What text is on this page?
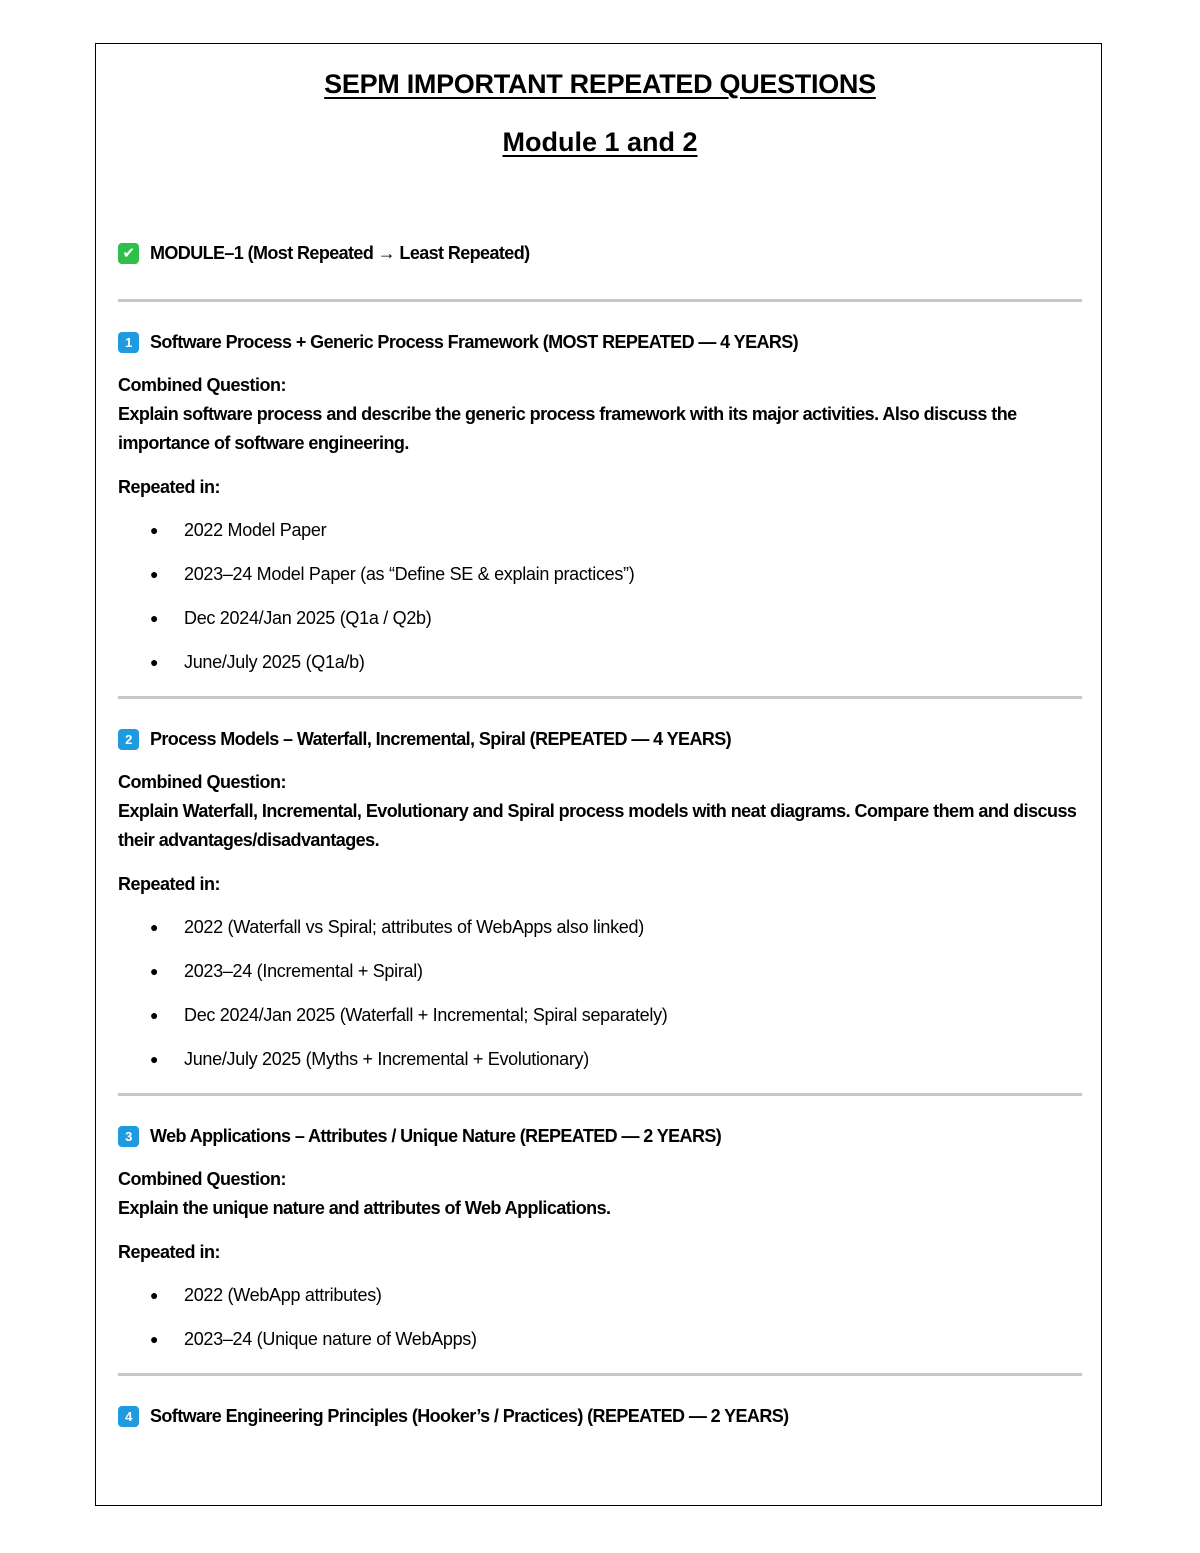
SEPM IMPORTANT REPEATED QUESTIONS
Module 1 and 2
✔ MODULE–1 (Most Repeated → Least Repeated)
1	Software Process + Generic Process Framework (MOST REPEATED — 4 YEARS)
Combined Question:
Explain software process and describe the generic process framework with its major activities. Also discuss the importance of software engineering.
Repeated in:
● 2022 Model Paper
● 2023–24 Model Paper (as “Define SE & explain practices”)
● Dec 2024/Jan 2025 (Q1a / Q2b)
● June/July 2025 (Q1a/b)
2	Process Models – Waterfall, Incremental, Spiral (REPEATED — 4 YEARS)
Combined Question:
Explain Waterfall, Incremental, Evolutionary and Spiral process models with neat diagrams. Compare them and discuss their advantages/disadvantages.
Repeated in:
● 2022 (Waterfall vs Spiral; attributes of WebApps also linked)
● 2023–24 (Incremental + Spiral)
● Dec 2024/Jan 2025 (Waterfall + Incremental; Spiral separately)
● June/July 2025 (Myths + Incremental + Evolutionary)
3	Web Applications – Attributes / Unique Nature (REPEATED — 2 YEARS)
Combined Question:
Explain the unique nature and attributes of Web Applications.
Repeated in:
● 2022 (WebApp attributes)
● 2023–24 (Unique nature of WebApps)
4	Software Engineering Principles (Hooker’s / Practices) (REPEATED — 2 YEARS)
